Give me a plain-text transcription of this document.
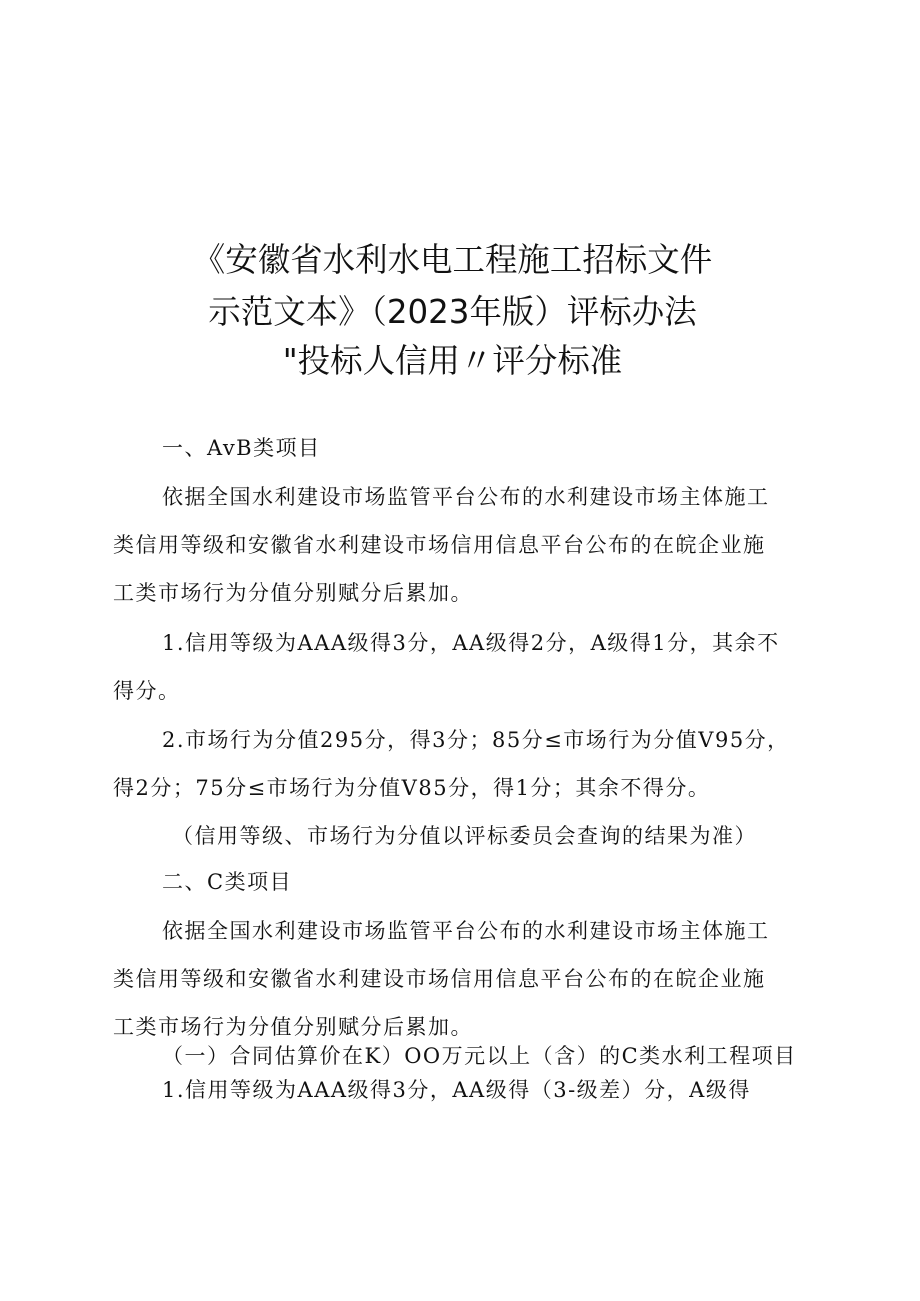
《安徽省水利水电工程施工招标文件
示范文本》（2023年版）评标办法
"投标人信用〃评分标准
一、AvB类项目
依据全国水利建设市场监管平台公布的水利建设市场主体施工
类信用等级和安徽省水利建设市场信用信息平台公布的在皖企业施
工类市场行为分值分别赋分后累加。
1.信用等级为AAA级得3分，AA级得2分，A级得1分，其余不
得分。
2.市场行为分值295分，得3分；85分≤市场行为分值V95分，
得2分；75分≤市场行为分值V85分，得1分；其余不得分。
（信用等级、市场行为分值以评标委员会查询的结果为准）
二、C类项目
依据全国水利建设市场监管平台公布的水利建设市场主体施工
类信用等级和安徽省水利建设市场信用信息平台公布的在皖企业施
工类市场行为分值分别赋分后累加。
（一）合同估算价在K）OO万元以上（含）的C类水利工程项目
1.信用等级为AAA级得3分，AA级得（3-级差）分，A级得
